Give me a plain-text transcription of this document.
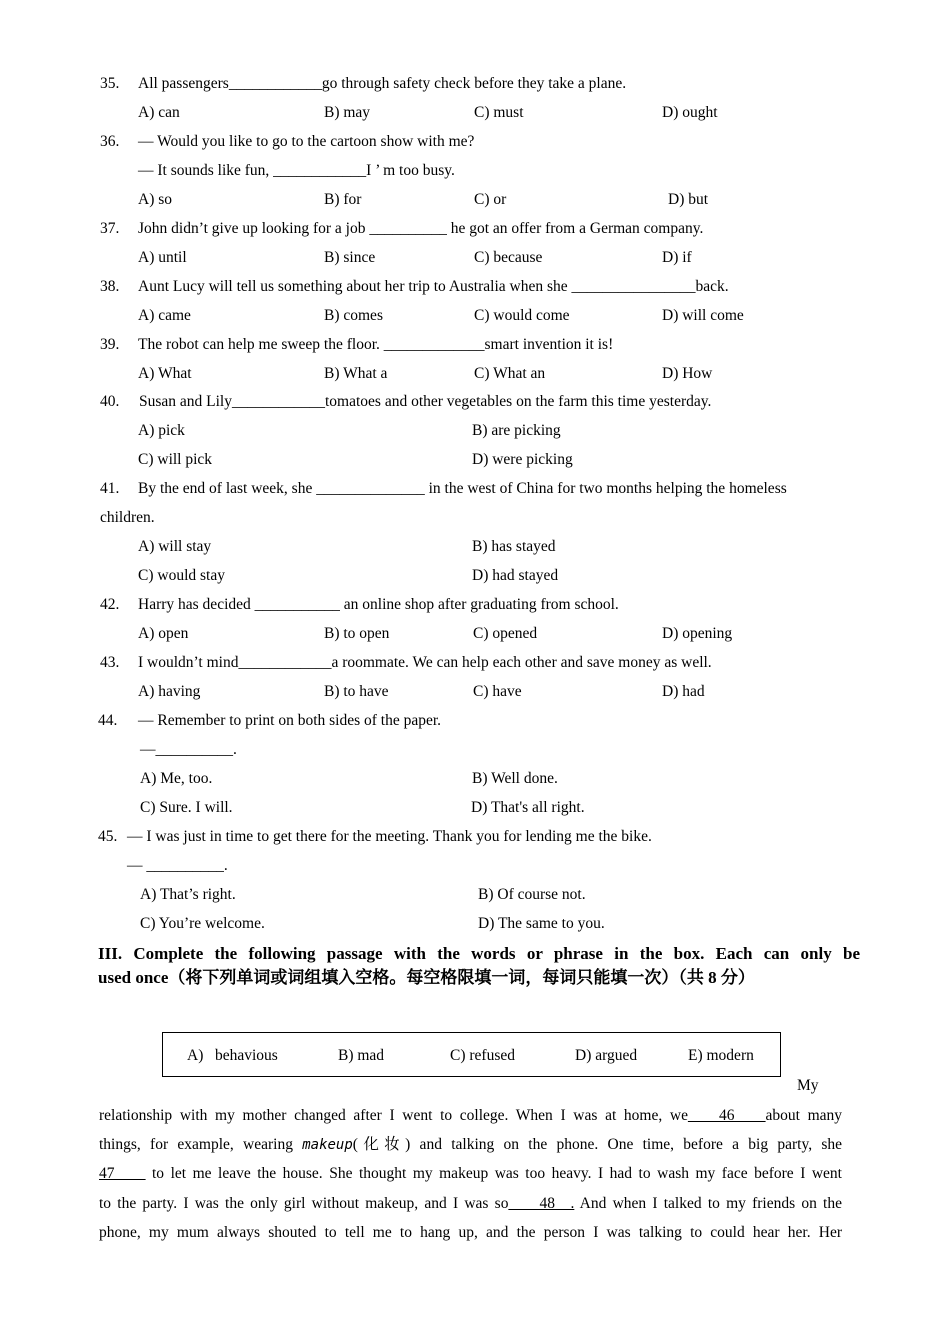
35. All passengers____________go through safety check before they take a plane.
A) can	B) may	C) must	D) ought
36. — Would you like to go to the cartoon show with me?
— It sounds like fun, ____________I ’ m too busy.
A) so	B) for	C) or	D) but
37. John didn’t give up looking for a job __________ he got an offer from a German company.
A) until	B) since	C) because	D) if
38. Aunt Lucy will tell us something about her trip to Australia when she ________________back.
A) came	B) comes	C) would come	D) will come
39. The robot can help me sweep the floor. _____________smart invention it is!
A) What	B) What a	C) What an	D) How
40. Susan and Lily____________tomatoes and other vegetables on the farm this time yesterday.
A) pick	B) are picking
C) will pick	D) were picking
41. By the end of last week, she ______________ in the west of China for two months helping the homeless
children.
A) will stay	B) has stayed
C) would stay	D) had stayed
42. Harry has decided ___________ an online shop after graduating from school.
A) open	B) to open	C) opened	D) opening
43. I wouldn’t mind____________a roommate. We can help each other and save money as well.
A) having	B) to have	C) have	D) had
44. — Remember to print on both sides of the paper.
—__________.
A) Me, too.	B) Well done.
C) Sure. I will.	D) That's all right.
45. — I was just in time to get there for the meeting. Thank you for lending me the bike.
— __________.
A) That’s right.	B) Of course not.
C) You’re welcome.	D) The same to you.
III. Complete the following passage with the words or phrase in the box. Each can only be
used once（将下列单词或词组填入空格。每空格限填一词，每词只能填一次）（共 8 分）
A)   behavious	B) mad	C) refused	D) argued	E) modern
My
relationship with my mother changed after I went to college. When I was at home, we____46____about many
things, for example, wearing makeup(化妆) and talking on the phone. One time, before a big party, she
47____ to let me leave the house. She thought my makeup was too heavy. I had to wash my face before I went
to the party. I was the only girl without makeup, and I was so____48__. And when I talked to my friends on the
phone, my mum always shouted to tell me to hang up, and the person I was talking to could hear her. Her
